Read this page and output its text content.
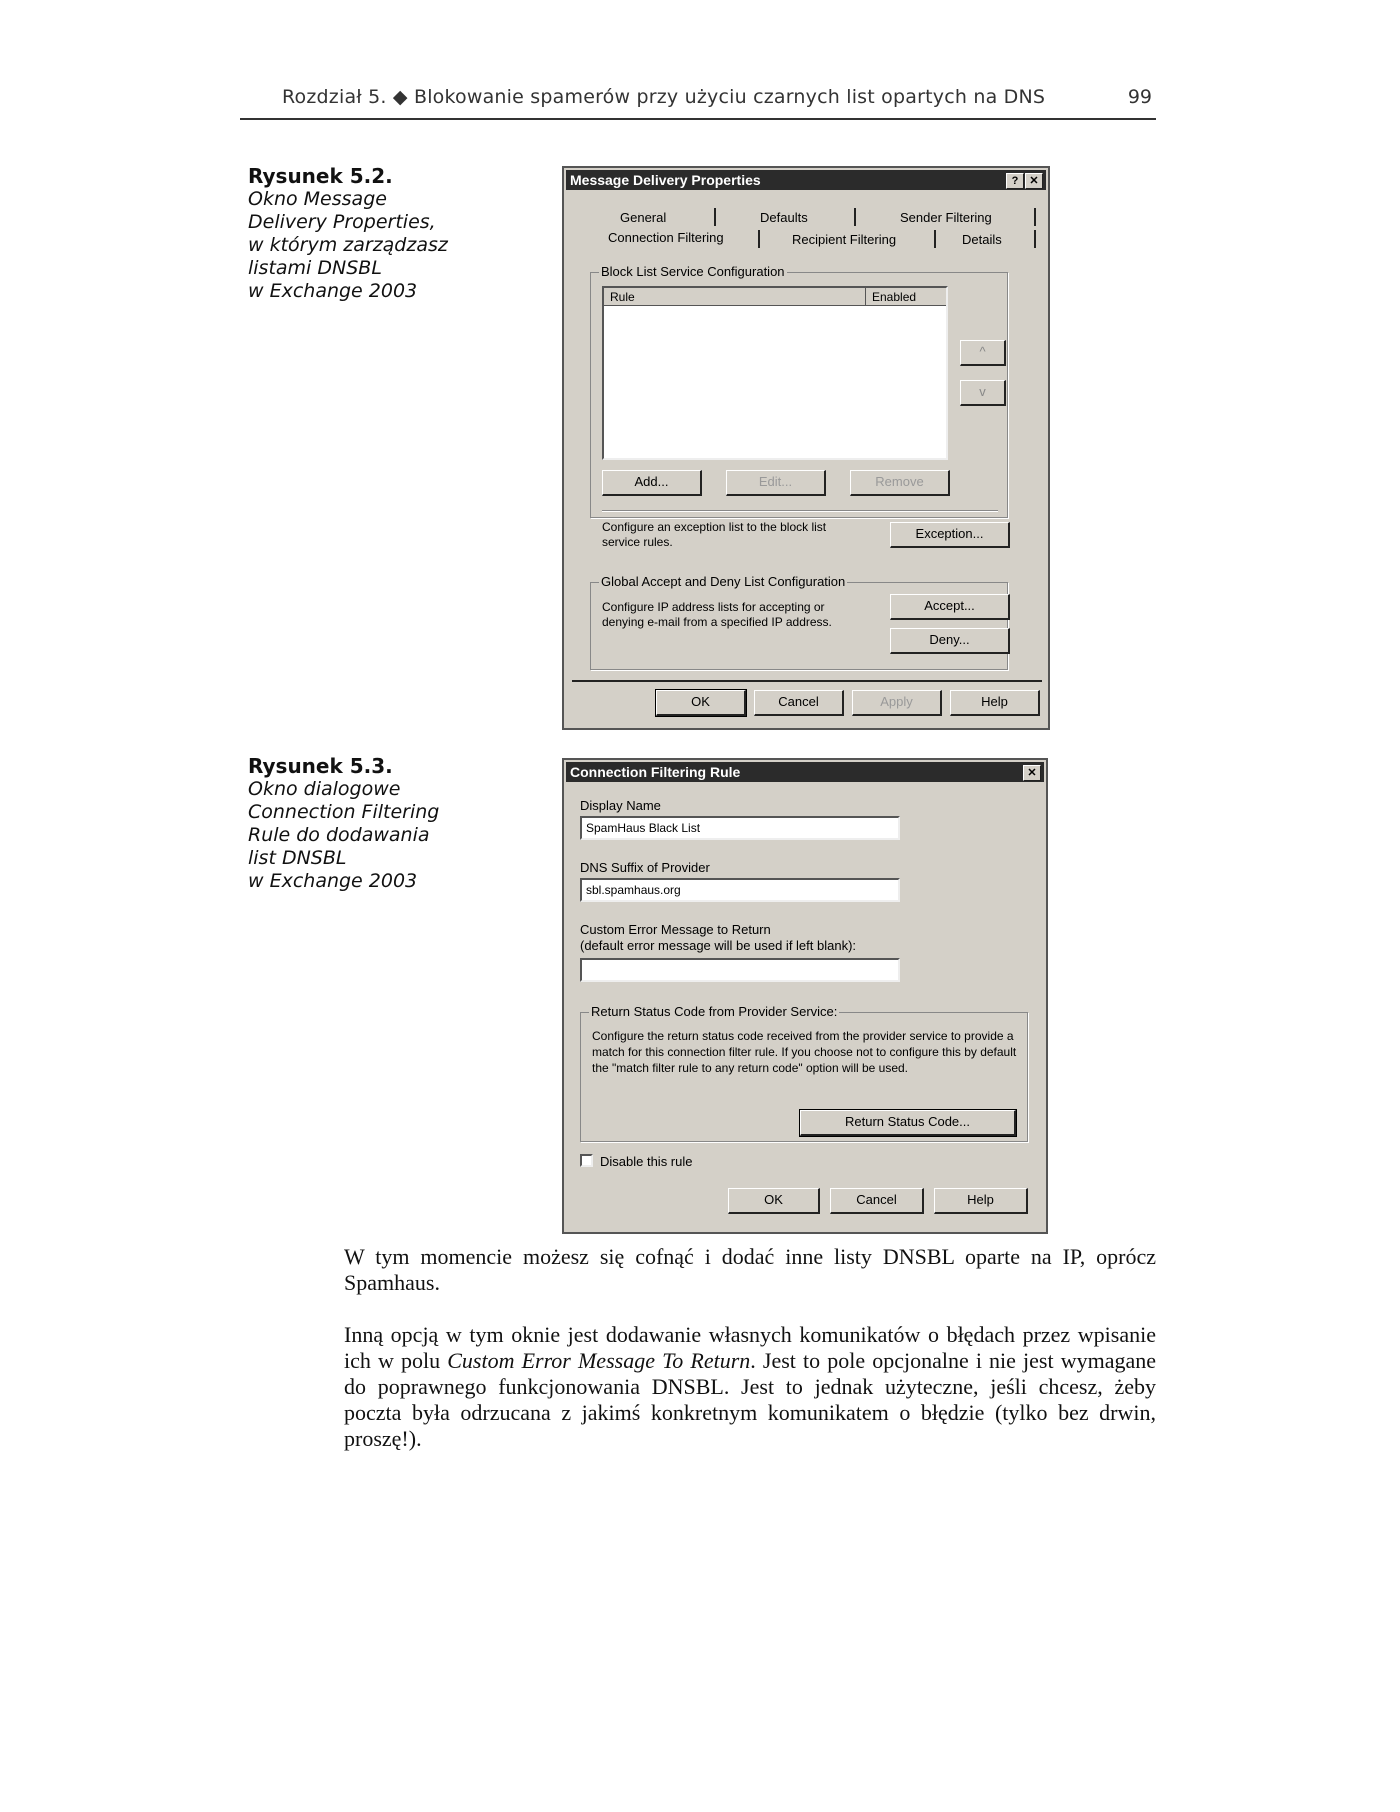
Rozdział 5. ◆ Blokowanie spamerów przy użyciu czarnych list opartych na DNS	99
Rysunek 5.2.
Okno Message
Delivery Properties,
w którym zarządzasz
listami DNSBL
w Exchange 2003
Message Delivery Properties	?	✕
General	Defaults	Sender Filtering
Connection Filtering	Recipient Filtering	Details
Block List Service Configuration
Rule	Enabled
^
v
Add...	Edit...	Remove
Configure an exception list to the block list service rules.
Exception...
Global Accept and Deny List Configuration
Configure IP address lists for accepting or denying e-mail from a specified IP address.
Accept...
Deny...
OK	Cancel	Apply	Help
Rysunek 5.3.
Okno dialogowe
Connection Filtering
Rule do dodawania
list DNSBL
w Exchange 2003
Connection Filtering Rule	✕
Display Name
SpamHaus Black List
DNS Suffix of Provider
sbl.spamhaus.org
Custom Error Message to Return
(default error message will be used if left blank):
Return Status Code from Provider Service:
Configure the return status code received from the provider service to provide a match for this connection filter rule. If you choose not to configure this by default the "match filter rule to any return code" option will be used.
Return Status Code...
Disable this rule
OK	Cancel	Help

W tym momencie możesz się cofnąć i dodać inne listy DNSBL oparte na IP, oprócz Spamhaus.

Inną opcją w tym oknie jest dodawanie własnych komunikatów o błędach przez wpisanie ich w polu Custom Error Message To Return. Jest to pole opcjonalne i nie jest wymagane do poprawnego funkcjonowania DNSBL. Jest to jednak użyteczne, jeśli chcesz, żeby poczta była odrzucana z jakimś konkretnym komunikatem o błędzie (tylko bez drwin, proszę!).
